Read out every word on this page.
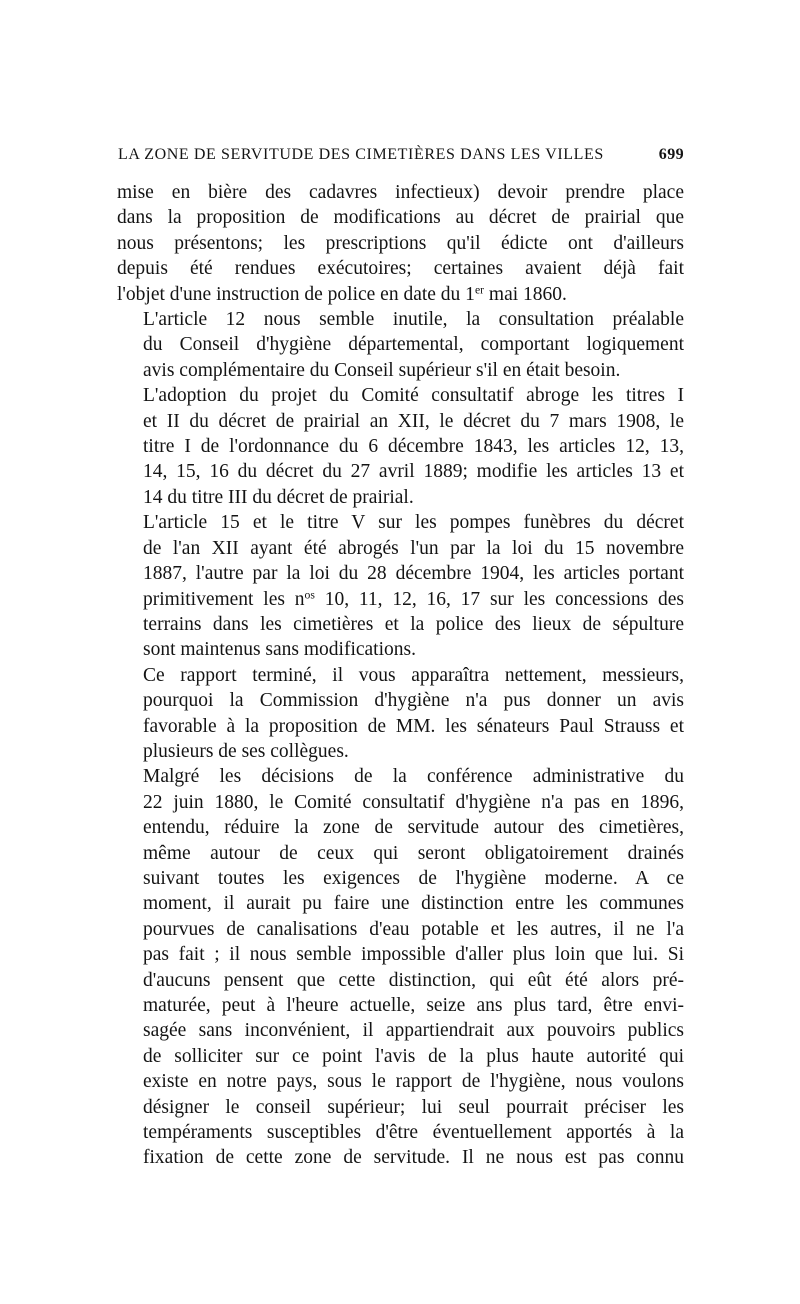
LA ZONE DE SERVITUDE DES CIMETIÈRES DANS LES VILLES	699
mise en bière des cadavres infectieux) devoir prendre place
dans la proposition de modifications au décret de prairial que
nous présentons; les prescriptions qu'il édicte ont d'ailleurs
depuis été rendues exécutoires; certaines avaient déjà fait
l'objet d'une instruction de police en date du 1er mai 1860.
L'article 12 nous semble inutile, la consultation préalable
du Conseil d'hygiène départemental, comportant logiquement
avis complémentaire du Conseil supérieur s'il en était besoin.
L'adoption du projet du Comité consultatif abroge les titres I
et II du décret de prairial an XII, le décret du 7 mars 1908, le
titre I de l'ordonnance du 6 décembre 1843, les articles 12, 13,
14, 15, 16 du décret du 27 avril 1889; modifie les articles 13 et
14 du titre III du décret de prairial.
L'article 15 et le titre V sur les pompes funèbres du décret
de l'an XII ayant été abrogés l'un par la loi du 15 novembre
1887, l'autre par la loi du 28 décembre 1904, les articles portant
primitivement les $n^{os}$ 10, 11, 12, 16, 17 sur les concessions des
terrains dans les cimetières et la police des lieux de sépulture
sont maintenus sans modifications.
Ce rapport terminé, il vous apparaîtra nettement, messieurs,
pourquoi la Commission d'hygiène n'a pus donner un avis
favorable à la proposition de MM. les sénateurs Paul Strauss et
plusieurs de ses collègues.
Malgré les décisions de la conférence administrative du
22 juin 1880, le Comité consultatif d'hygiène n'a pas en 1896,
entendu, réduire la zone de servitude autour des cimetières,
même autour de ceux qui seront obligatoirement drainés
suivant toutes les exigences de l'hygiène moderne. A ce
moment, il aurait pu faire une distinction entre les communes
pourvues de canalisations d'eau potable et les autres, il ne l'a
pas fait ; il nous semble impossible d'aller plus loin que lui. Si
d'aucuns pensent que cette distinction, qui eût été alors pré-
maturée, peut à l'heure actuelle, seize ans plus tard, être envi-
sagée sans inconvénient, il appartiendrait aux pouvoirs publics
de solliciter sur ce point l'avis de la plus haute autorité qui
existe en notre pays, sous le rapport de l'hygiène, nous voulons
désigner le conseil supérieur; lui seul pourrait préciser les
tempéraments susceptibles d'être éventuellement apportés à la
fixation de cette zone de servitude. Il ne nous est pas connu
